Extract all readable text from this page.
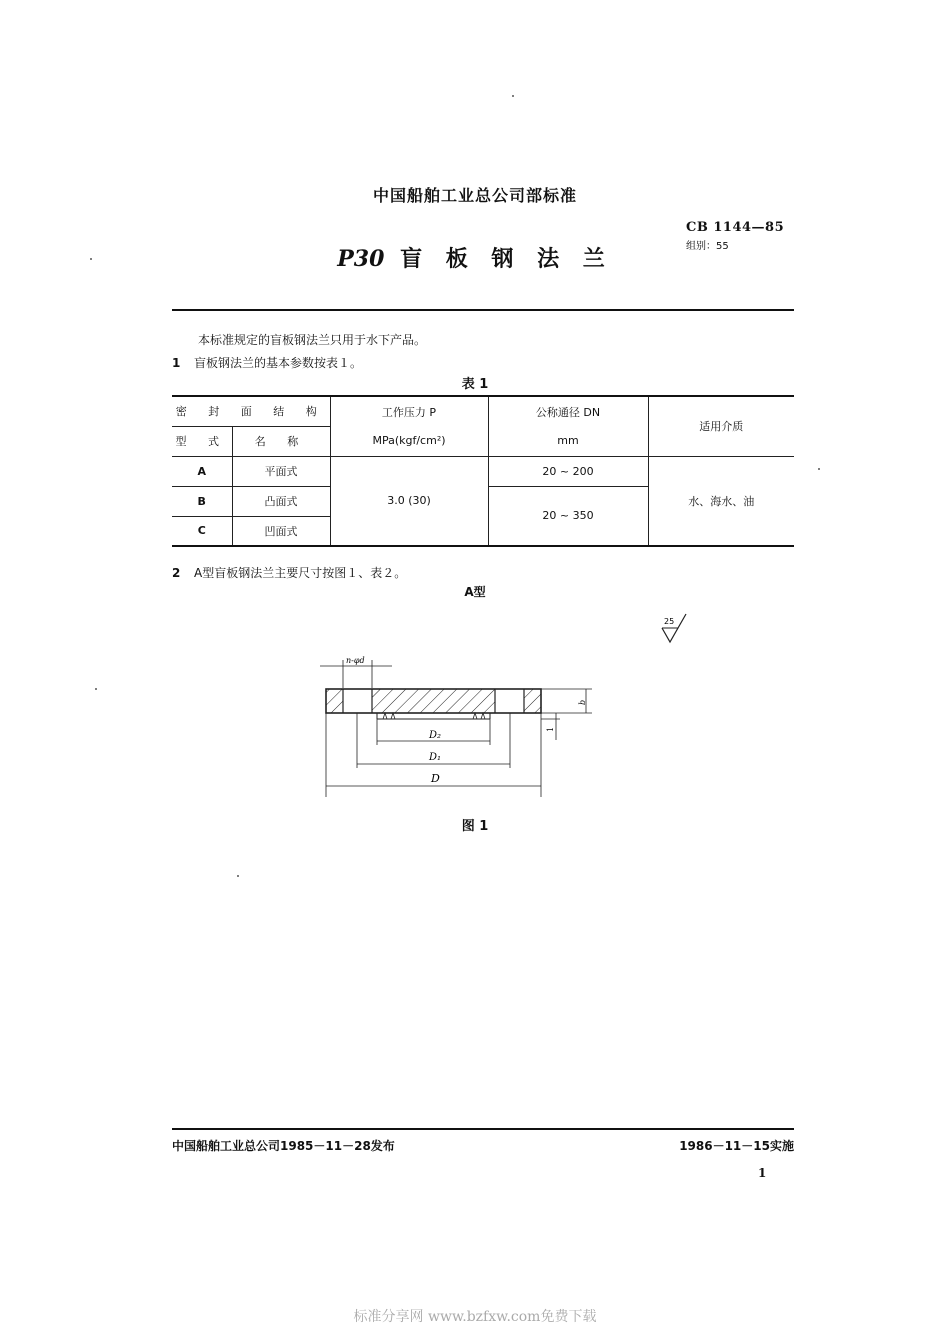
中国船舶工业总公司部标准
CB 1144—85
组别：55
P30 盲 板 钢 法 兰
本标准规定的盲板钢法兰只用于水下产品。
1 盲板钢法兰的基本参数按表１。
表 1
密 封 面 结 构		工作压力 P	公称通径 DN	适用介质
型 式	名 称	MPa(kgf/cm²)	mm	
A	平面式	3.0 (30)	20 ~ 200	水、海水、油
B	凸面式		20 ~ 350	
C	凹面式			
2 A型盲板钢法兰主要尺寸按图１、表２。
A型
25
n-φd
b
1
D₂
D₁
D
图 1
中国船舶工业总公司1985－11－28发布	1986－11－15实施
1
标准分享网 www.bzfxw.com免费下载
